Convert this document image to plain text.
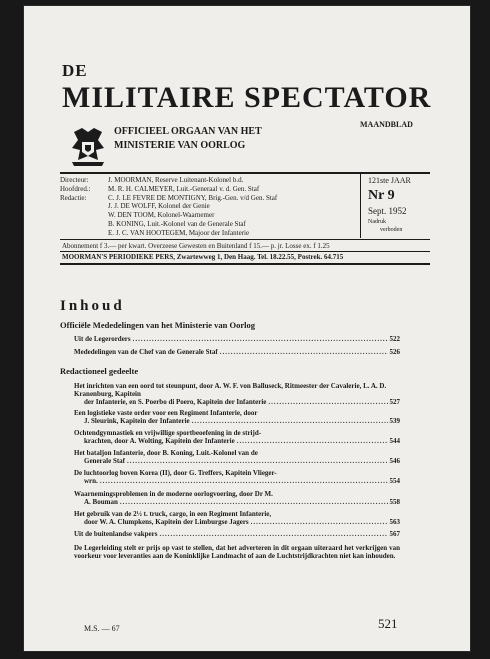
DE
MILITAIRE SPECTATOR
MAANDBLAD
OFFICIEEL ORGAAN VAN HET
MINISTERIE VAN OORLOG
Directeur:	J. MOORMAN, Reserve Luitenant-Kolonel b.d.
Hoofdred.:	M. R. H. CALMEYER, Luit.-Generaal v. d. Gen. Staf
Redactie:	C. J. LE FEVRE DE MONTIGNY, Brig.-Gen. v/d Gen. Staf
J. J. DE WOLFF, Kolonel der Genie
W. DEN TOOM, Kolonel-Waarnemer
B. KONING, Luit.-Kolonel van de Generale Staf
E. J. C. VAN HOOTEGEM, Majoor der Infanterie
121ste JAAR
Nr 9
Sept. 1952
Nadruk
verboden
Abonnement f 3.— per kwart. Overzeese Gewesten en Buitenland f 15.— p. jr. Losse ex. f 1.25
MOORMAN'S PERIODIEKE PERS, Zwartewweg 1, Den Haag. Tel. 18.22.55, Postrek. 64.715
Inhoud
Officiële Mededelingen van het Ministerie van Oorlog
Uit de Legerorders .....	522
Mededelingen van de Chef van de Generale Staf .....	526
Redactioneel gedeelte
Het inrichten van een oord tot steunpunt, door A. W. F. von Balluseck, Ritmeester der Cavalerie, L. A. D. Kranenburg, Kapitein
der Infanterie, en S. Poerbo di Poero, Kapitein der Infanterie .....	527
Een logistieke vaste order voor een Regiment Infanterie, door
J. Sleurink, Kapitein der Infanterie .....	539
Ochtendgymnastiek en vrijwillige sportbeoefening in de strijd-
krachten, door A. Wolting, Kapitein der Infanterie .....	544
Het bataljon Infanterie, door B. Koning, Luit.-Kolonel van de
Generale Staf .....	546
De luchtoorlog boven Korea (II), door G. Treffers, Kapitein Vlieger-
wrn. .....	554
Waarnemingsproblemen in de moderne oorlogvoering, door Dr M.
A. Bouman .....	558
Het gebruik van de 2½ t. truck, cargo, in een Regiment Infanterie,
door W. A. Clumpkens, Kapitein der Limburgse Jagers .....	563
Uit de buitenlandse vakpers .....	567
De Legerleiding stelt er prijs op vast te stellen, dat het adverteren in dit orgaan uiteraard het verkrijgen van voorkeur voor leveranties aan de Koninklijke Landmacht of aan de Luchtstrijdkrachten niet kan inhouden.
M.S. — 67	521
